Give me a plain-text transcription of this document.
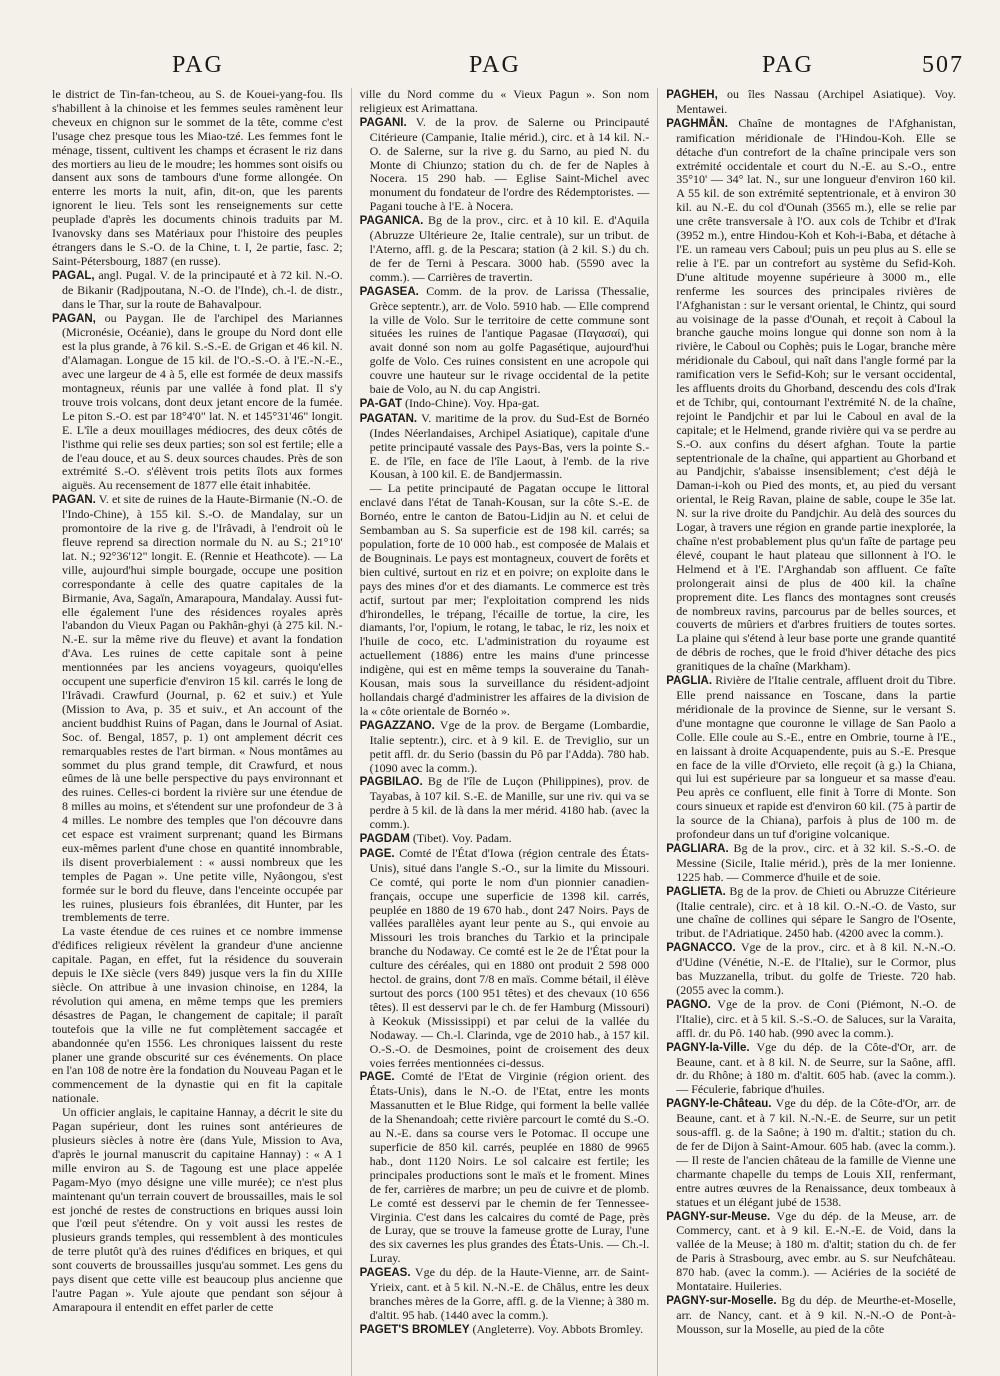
PAG	PAG	PAG	507

le district de Tin-fan-tcheou, au S. de Kouei-yang-fou. Ils s'habillent à la chinoise et les femmes seules ramènent leur cheveux en chignon sur le sommet de la tête, comme c'est l'usage chez presque tous les Miao-tzé. Les femmes font le ménage, tissent, cultivent les champs et écrasent le riz dans des mortiers au lieu de le moudre; les hommes sont oisifs ou dansent aux sons de tambours d'une forme allongée. On enterre les morts la nuit, afin, dit-on, que les parents ignorent le lieu. Tels sont les renseignements sur cette peuplade d'après les documents chinois traduits par M. Ivanovsky dans ses Matériaux pour l'histoire des peuples étrangers dans le S.-O. de la Chine, t. I, 2e partie, fasc. 2; Saint-Pétersbourg, 1887 (en russe).

PAGAL, angl. Pugal. V. de la principauté et à 72 kil. N.-O. de Bikanir (Radjpoutana, N.-O. de l'Inde), ch.-l. de distr., dans le Thar, sur la route de Bahavalpour.

PAGAN, ou Paygan. Ile de l'archipel des Mariannes (Micronésie, Océanie), dans le groupe du Nord dont elle est la plus grande, à 76 kil. S.-S.-E. de Grigan et 46 kil. N. d'Alamagan. Longue de 15 kil. de l'O.-S.-O. à l'E.-N.-E., avec une largeur de 4 à 5, elle est formée de deux massifs montagneux, réunis par une vallée à fond plat. Il s'y trouve trois volcans, dont deux jetant encore de la fumée. Le piton S.-O. est par 18°4'0" lat. N. et 145°31'46" longit. E. L'île a deux mouillages médiocres, des deux côtés de l'isthme qui relie ses deux parties; son sol est fertile; elle a de l'eau douce, et au S. deux sources chaudes. Près de son extrémité S.-O. s'élèvent trois petits îlots aux formes aiguës. Au recensement de 1877 elle était inhabitée.

PAGAN. V. et site de ruines de la Haute-Birmanie (N.-O. de l'Indo-Chine), à 155 kil. S.-O. de Mandalay, sur un promontoire de la rive g. de l'Irâvadi, à l'endroit où le fleuve reprend sa direction normale du N. au S.; 21°10' lat. N.; 92°36'12" longit. E. (Rennie et Heathcote). — La ville, aujourd'hui simple bourgade, occupe une position correspondante à celle des quatre capitales de la Birmanie, Ava, Sagaïn, Amarapoura, Mandalay. Aussi fut-elle également l'une des résidences royales après l'abandon du Vieux Pagan ou Pakhân-ghyi (à 275 kil. N.-N.-E. sur la même rive du fleuve) et avant la fondation d'Ava. Les ruines de cette capitale sont à peine mentionnées par les anciens voyageurs, quoiqu'elles occupent une superficie d'environ 15 kil. carrés le long de l'Irâvadi. Crawfurd (Journal, p. 62 et suiv.) et Yule (Mission to Ava, p. 35 et suiv., et An account of the ancient buddhist Ruins of Pagan, dans le Journal of Asiat. Soc. of. Bengal, 1857, p. 1) ont amplement décrit ces remarquables restes de l'art birman. « Nous montâmes au sommet du plus grand temple, dit Crawfurd, et nous eûmes de là une belle perspective du pays environnant et des ruines. Celles-ci bordent la rivière sur une étendue de 8 milles au moins, et s'étendent sur une profondeur de 3 à 4 milles. Le nombre des temples que l'on découvre dans cet espace est vraiment surprenant; quand les Birmans eux-mêmes parlent d'une chose en quantité innombrable, ils disent proverbialement : « aussi nombreux que les temples de Pagan ». Une petite ville, Nyâongou, s'est formée sur le bord du fleuve, dans l'enceinte occupée par les ruines, plusieurs fois ébranlées, dit Hunter, par les tremblements de terre.

La vaste étendue de ces ruines et ce nombre immense d'édifices religieux révèlent la grandeur d'une ancienne capitale. Pagan, en effet, fut la résidence du souverain depuis le IXe siècle (vers 849) jusque vers la fin du XIIIe siècle. On attribue à une invasion chinoise, en 1284, la révolution qui amena, en même temps que les premiers désastres de Pagan, le changement de capitale; il paraît toutefois que la ville ne fut complètement saccagée et abandonnée qu'en 1556. Les chroniques laissent du reste planer une grande obscurité sur ces événements. On place en l'an 108 de notre ère la fondation du Nouveau Pagan et le commencement de la dynastie qui en fit la capitale nationale.

Un officier anglais, le capitaine Hannay, a décrit le site du Pagan supérieur, dont les ruines sont antérieures de plusieurs siècles à notre ère (dans Yule, Mission to Ava, d'après le journal manuscrit du capitaine Hannay) : « A 1 mille environ au S. de Tagoung est une place appelée Pagam-Myo (myo désigne une ville murée); ce n'est plus maintenant qu'un terrain couvert de broussailles, mais le sol est jonché de restes de constructions en briques aussi loin que l'œil peut s'étendre. On y voit aussi les restes de plusieurs grands temples, qui ressemblent à des monticules de terre plutôt qu'à des ruines d'édifices en briques, et qui sont couverts de broussailles jusqu'au sommet. Les gens du pays disent que cette ville est beaucoup plus ancienne que l'autre Pagan ». Yule ajoute que pendant son séjour à Amarapoura il entendit en effet parler de cette

ville du Nord comme du « Vieux Pagun ». Son nom religieux est Arimattana.

PAGANI. V. de la prov. de Salerne ou Principauté Citérieure (Campanie, Italie mérid.), circ. et à 14 kil. N.-O. de Salerne, sur la rive g. du Sarno, au pied N. du Monte di Chiunzo; station du ch. de fer de Naples à Nocera. 15 290 hab. — Eglise Saint-Michel avec monument du fondateur de l'ordre des Rédemptoristes. — Pagani touche à l'E. à Nocera.

PAGANICA. Bg de la prov., circ. et à 10 kil. E. d'Aquila (Abruzze Ultérieure 2e, Italie centrale), sur un tribut. de l'Aterno, affl. g. de la Pescara; station (à 2 kil. S.) du ch. de fer de Terni à Pescara. 3000 hab. (5590 avec la comm.). — Carrières de travertin.

PAGASEA. Comm. de la prov. de Larissa (Thessalie, Grèce septentr.), arr. de Volo. 5910 hab. — Elle comprend la ville de Volo. Sur le territoire de cette commune sont situées les ruines de l'antique Pagasae (Παγασαί), qui avait donné son nom au golfe Pagasétique, aujourd'hui golfe de Volo. Ces ruines consistent en une acropole qui couvre une hauteur sur le rivage occidental de la petite baie de Volo, au N. du cap Angistri.

PA-GAT (Indo-Chine). Voy. Hpa-gat.

PAGATAN. V. maritime de la prov. du Sud-Est de Bornéo (Indes Néerlandaises, Archipel Asiatique), capitale d'une petite principauté vassale des Pays-Bas, vers la pointe S.-E. de l'île, en face de l'île Laout, à l'emb. de la rive Kousan, à 100 kil. E. de Bandjermassin.

— La petite principauté de Pagatan occupe le littoral enclavé dans l'état de Tanah-Kousan, sur la côte S.-E. de Bornéo, entre le canton de Batou-Lidjin au N. et celui de Sembamban au S. Sa superficie est de 198 kil. carrés; sa population, forte de 10 000 hab., est composée de Malais et de Bougninais. Le pays est montagneux, couvert de forêts et bien cultivé, surtout en riz et en poivre; on exploite dans le pays des mines d'or et des diamants. Le commerce est très actif, surtout par mer; l'exploitation comprend les nids d'hirondelles, le trépang, l'écaille de tortue, la cire, les diamants, l'or, l'opium, le rotang, le tabac, le riz, les noix et l'huile de coco, etc. L'administration du royaume est actuellement (1886) entre les mains d'une princesse indigène, qui est en même temps la souveraine du Tanah-Kousan, mais sous la surveillance du résident-adjoint hollandais chargé d'administrer les affaires de la division de la « côte orientale de Bornéo ».

PAGAZZANO. Vge de la prov. de Bergame (Lombardie, Italie septentr.), circ. et à 9 kil. E. de Treviglio, sur un petit affl. dr. du Serio (bassin du Pô par l'Adda). 780 hab. (1090 avec la comm.).

PAGBILAO. Bg de l'île de Luçon (Philippines), prov. de Tayabas, à 107 kil. S.-E. de Manille, sur une riv. qui va se perdre à 5 kil. de là dans la mer mérid. 4180 hab. (avec la comm.).

PAGDAM (Tibet). Voy. Padam.

PAGE. Comté de l'État d'Iowa (région centrale des États-Unis), situé dans l'angle S.-O., sur la limite du Missouri. Ce comté, qui porte le nom d'un pionnier canadien-français, occupe une superficie de 1398 kil. carrés, peuplée en 1880 de 19 670 hab., dont 247 Noirs. Pays de vallées parallèles ayant leur pente au S., qui envoie au Missouri les trois branches du Tarkio et la principale branche du Nodaway. Ce comté est le 2e de l'État pour la culture des céréales, qui en 1880 ont produit 2 598 000 hectol. de grains, dont 7/8 en maïs. Comme bétail, il élève surtout des porcs (100 951 têtes) et des chevaux (10 656 têtes). Il est desservi par le ch. de fer Hamburg (Missouri) à Keokuk (Mississippi) et par celui de la vallée du Nodaway. — Ch.-l. Clarinda, vge de 2010 hab., à 157 kil. O.-S.-O. de Desmoines, point de croisement des deux voies ferrées mentionnées ci-dessus.

PAGE. Comté de l'Etat de Virginie (région orient. des États-Unis), dans le N.-O. de l'Etat, entre les monts Massanutten et le Blue Ridge, qui forment la belle vallée de la Shenandoah; cette rivière parcourt le comté du S.-O. au N.-E. dans sa course vers le Potomac. Il occupe une superficie de 850 kil. carrés, peuplée en 1880 de 9965 hab., dont 1120 Noirs. Le sol calcaire est fertile; les principales productions sont le maïs et le froment. Mines de fer, carrières de marbre; un peu de cuivre et de plomb. Le comté est desservi par le chemin de fer Tennessee-Virginia. C'est dans les calcaires du comté de Page, près de Luray, que se trouve la fameuse grotte de Luray, l'une des six cavernes les plus grandes des États-Unis. — Ch.-l. Luray.

PAGEAS. Vge du dép. de la Haute-Vienne, arr. de Saint-Yrieix, cant. et à 5 kil. N.-N.-E. de Châlus, entre les deux branches mères de la Gorre, affl. g. de la Vienne; à 380 m. d'altit. 95 hab. (1440 avec la comm.).

PAGET'S BROMLEY (Angleterre). Voy. Abbots Bromley.

PAGHEH, ou îles Nassau (Archipel Asiatique). Voy. Mentawei.

PAGHMÂN. Chaîne de montagnes de l'Afghanistan, ramification méridionale de l'Hindou-Koh. Elle se détache d'un contrefort de la chaîne principale vers son extrémité occidentale et court du N.-E. au S.-O., entre 35°10' — 34° lat. N., sur une longueur d'environ 160 kil. A 55 kil. de son extrémité septentrionale, et à environ 30 kil. au N.-E. du col d'Ounah (3565 m.), elle se relie par une crête transversale à l'O. aux cols de Tchibr et d'Irak (3952 m.), entre Hindou-Koh et Koh-i-Baba, et détache à l'E. un rameau vers Caboul; puis un peu plus au S. elle se relie à l'E. par un contrefort au système du Sefid-Koh. D'une altitude moyenne supérieure à 3000 m., elle renferme les sources des principales rivières de l'Afghanistan : sur le versant oriental, le Chintz, qui sourd au voisinage de la passe d'Ounah, et reçoit à Caboul la branche gauche moins longue qui donne son nom à la rivière, le Caboul ou Cophès; puis le Logar, branche mère méridionale du Caboul, qui naît dans l'angle formé par la ramification vers le Sefid-Koh; sur le versant occidental, les affluents droits du Ghorband, descendu des cols d'Irak et de Tchibr, qui, contournant l'extrémité N. de la chaîne, rejoint le Pandjchir et par lui le Caboul en aval de la capitale; et le Helmend, grande rivière qui va se perdre au S.-O. aux confins du désert afghan. Toute la partie septentrionale de la chaîne, qui appartient au Ghorband et au Pandjchir, s'abaisse insensiblement; c'est déjà le Daman-i-koh ou Pied des monts, et, au pied du versant oriental, le Reig Ravan, plaine de sable, coupe le 35e lat. N. sur la rive droite du Pandjchir. Au delà des sources du Logar, à travers une région en grande partie inexplorée, la chaîne n'est probablement plus qu'un faîte de partage peu élevé, coupant le haut plateau que sillonnent à l'O. le Helmend et à l'E. l'Arghandab son affluent. Ce faîte prolongerait ainsi de plus de 400 kil. la chaîne proprement dite. Les flancs des montagnes sont creusés de nombreux ravins, parcourus par de belles sources, et couverts de mûriers et d'arbres fruitiers de toutes sortes. La plaine qui s'étend à leur base porte une grande quantité de débris de roches, que le froid d'hiver détache des pics granitiques de la chaîne (Markham).

PAGLIA. Rivière de l'Italie centrale, affluent droit du Tibre. Elle prend naissance en Toscane, dans la partie méridionale de la province de Sienne, sur le versant S. d'une montagne que couronne le village de San Paolo a Colle. Elle coule au S.-E., entre en Ombrie, tourne à l'E., en laissant à droite Acquapendente, puis au S.-E. Presque en face de la ville d'Orvieto, elle reçoit (à g.) la Chiana, qui lui est supérieure par sa longueur et sa masse d'eau. Peu après ce confluent, elle finit à Torre di Monte. Son cours sinueux et rapide est d'environ 60 kil. (75 à partir de la source de la Chiana), parfois à plus de 100 m. de profondeur dans un tuf d'origine volcanique.

PAGLIARA. Bg de la prov., circ. et à 32 kil. S.-S.-O. de Messine (Sicile, Italie mérid.), près de la mer Ionienne. 1225 hab. — Commerce d'huile et de soie.

PAGLIETA. Bg de la prov. de Chieti ou Abruzze Citérieure (Italie centrale), circ. et à 18 kil. O.-N.-O. de Vasto, sur une chaîne de collines qui sépare le Sangro de l'Osente, tribut. de l'Adriatique. 2450 hab. (4200 avec la comm.).

PAGNACCO. Vge de la prov., circ. et à 8 kil. N.-N.-O. d'Udine (Vénétie, N.-E. de l'Italie), sur le Cormor, plus bas Muzzanella, tribut. du golfe de Trieste. 720 hab. (2055 avec la comm.).

PAGNO. Vge de la prov. de Coni (Piémont, N.-O. de l'Italie), circ. et à 5 kil. S.-S.-O. de Saluces, sur la Varaita, affl. dr. du Pô. 140 hab. (990 avec la comm.).

PAGNY-la-Ville. Vge du dép. de la Côte-d'Or, arr. de Beaune, cant. et à 8 kil. N. de Seurre, sur la Saône, affl. dr. du Rhône; à 180 m. d'altit. 605 hab. (avec la comm.). — Féculerie, fabrique d'huiles.

PAGNY-le-Château. Vge du dép. de la Côte-d'Or, arr. de Beaune, cant. et à 7 kil. N.-N.-E. de Seurre, sur un petit sous-affl. g. de la Saône; à 190 m. d'altit.; station du ch. de fer de Dijon à Saint-Amour. 605 hab. (avec la comm.). — Il reste de l'ancien château de la famille de Vienne une charmante chapelle du temps de Louis XII, renfermant, entre autres œuvres de la Renaissance, deux tombeaux à statues et un élégant jubé de 1538.

PAGNY-sur-Meuse. Vge du dép. de la Meuse, arr. de Commercy, cant. et à 9 kil. E.-N.-E. de Void, dans la vallée de la Meuse; à 180 m. d'altit; station du ch. de fer de Paris à Strasbourg, avec embr. au S. sur Neufchâteau. 870 hab. (avec la comm.). — Aciéries de la société de Montataire. Huileries.

PAGNY-sur-Moselle. Bg du dép. de Meurthe-et-Moselle, arr. de Nancy, cant. et à 9 kil. N.-N.-O de Pont-à-Mousson, sur la Moselle, au pied de la côte
